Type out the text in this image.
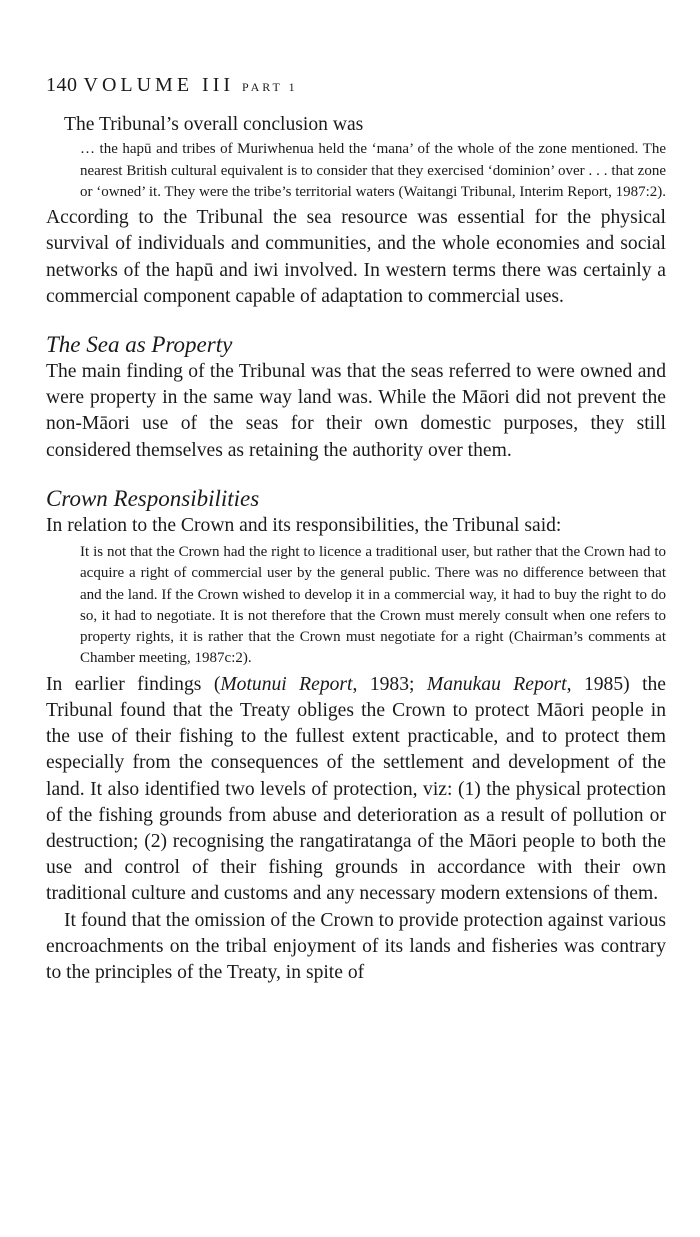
140 VOLUME III PART 1

The Tribunal’s overall conclusion was

… the hapū and tribes of Muriwhenua held the ‘mana’ of the whole of the zone mentioned. The nearest British cultural equivalent is to consider that they exercised ‘dominion’ over . . . that zone or ‘owned’ it. They were the tribe’s territorial waters (Waitangi Tribunal, Interim Report, 1987:2).

According to the Tribunal the sea resource was essential for the physical survival of individuals and communities, and the whole economies and social networks of the hapū and iwi involved. In western terms there was certainly a commercial component capable of adaptation to commercial uses.

The Sea as Property

The main finding of the Tribunal was that the seas referred to were owned and were property in the same way land was. While the Māori did not prevent the non-Māori use of the seas for their own domestic purposes, they still considered themselves as retaining the authority over them.

Crown Responsibilities

In relation to the Crown and its responsibilities, the Tribunal said:

It is not that the Crown had the right to licence a traditional user, but rather that the Crown had to acquire a right of commercial user by the general public. There was no difference between that and the land. If the Crown wished to develop it in a commercial way, it had to buy the right to do so, it had to negotiate. It is not therefore that the Crown must merely consult when one refers to property rights, it is rather that the Crown must negotiate for a right (Chairman’s comments at Chamber meeting, 1987c:2).

In earlier findings (Motunui Report, 1983; Manukau Report, 1985) the Tribunal found that the Treaty obliges the Crown to protect Māori people in the use of their fishing to the fullest extent practicable, and to protect them especially from the consequences of the settlement and development of the land. It also identified two levels of protection, viz: (1) the physical protection of the fishing grounds from abuse and deterioration as a result of pollution or destruction; (2) recognising the rangatiratanga of the Māori people to both the use and control of their fishing grounds in accordance with their own traditional culture and customs and any necessary modern extensions of them.

It found that the omission of the Crown to provide protection against various encroachments on the tribal enjoyment of its lands and fisheries was contrary to the principles of the Treaty, in spite of
